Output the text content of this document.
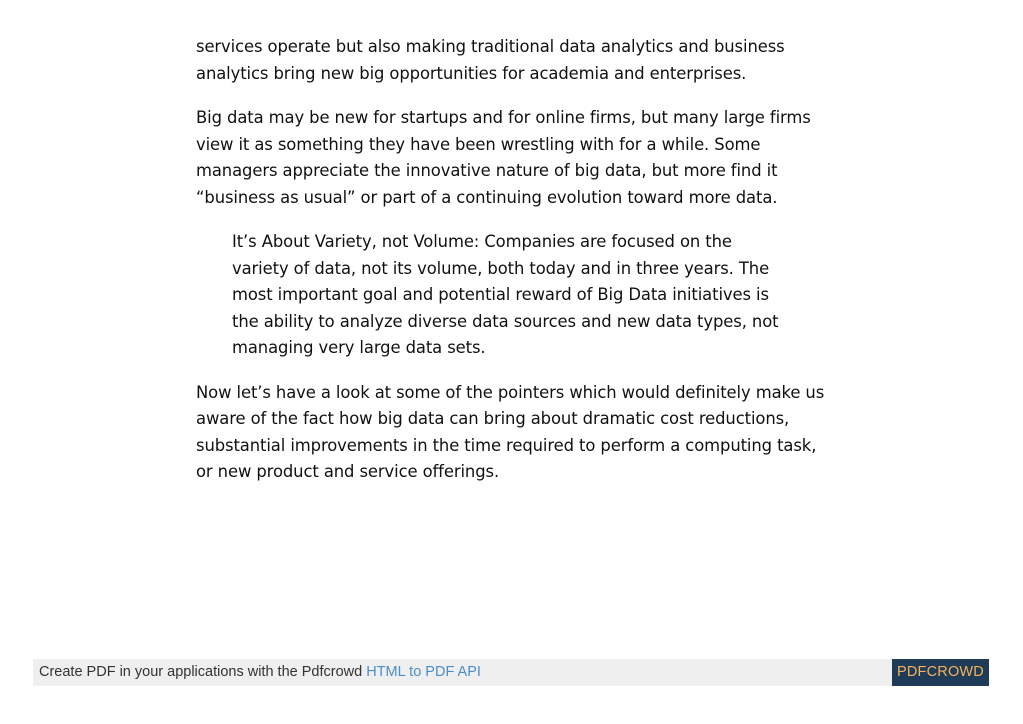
services operate but also making traditional data analytics and business
analytics bring new big opportunities for academia and enterprises.

Big data may be new for startups and for online firms, but many large firms
view it as something they have been wrestling with for a while. Some
managers appreciate the innovative nature of big data, but more find it
“business as usual” or part of a continuing evolution toward more data.

It’s About Variety, not Volume: Companies are focused on the
variety of data, not its volume, both today and in three years. The
most important goal and potential reward of Big Data initiatives is
the ability to analyze diverse data sources and new data types, not
managing very large data sets.

Now let’s have a look at some of the pointers which would definitely make us
aware of the fact how big data can bring about dramatic cost reductions,
substantial improvements in the time required to perform a computing task,
or new product and service offerings.

Create PDF in your applications with the Pdfcrowd HTML to PDF API	PDFCROWD
